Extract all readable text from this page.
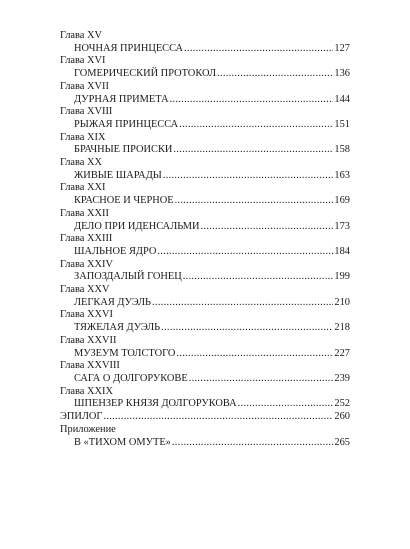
Глава XV
НОЧНАЯ ПРИНЦЕССА .....	127
Глава XVI
ГОМЕРИЧЕСКИЙ ПРОТОКОЛ .....	136
Глава XVII
ДУРНАЯ ПРИМЕТА .....	144
Глава XVIII
РЫЖАЯ ПРИНЦЕССА .....	151
Глава XIX
БРАЧНЫЕ ПРОИСКИ .....	158
Глава XX
ЖИВЫЕ ШАРАДЫ .....	163
Глава XXI
КРАСНОЕ И ЧЕРНОЕ .....	169
Глава XXII
ДЕЛО ПРИ ИДЕНСАЛЬМИ .....	173
Глава XXIII
ШАЛЬНОЕ ЯДРО .....	184
Глава XXIV
ЗАПОЗДАЛЫЙ ГОНЕЦ .....	199
Глава XXV
ЛЕГКАЯ ДУЭЛЬ .....	210
Глава XXVI
ТЯЖЕЛАЯ ДУЭЛЬ .....	218
Глава XXVII
МУЗЕУМ ТОЛСТОГО .....	227
Глава XXVIII
САГА О ДОЛГОРУКОВЕ .....	239
Глава XXIX
ШПЕНЗЕР КНЯЗЯ ДОЛГОРУКОВА .....	252
ЭПИЛОГ .....	260
Приложение
В «ТИХОМ ОМУТЕ» .....	265
